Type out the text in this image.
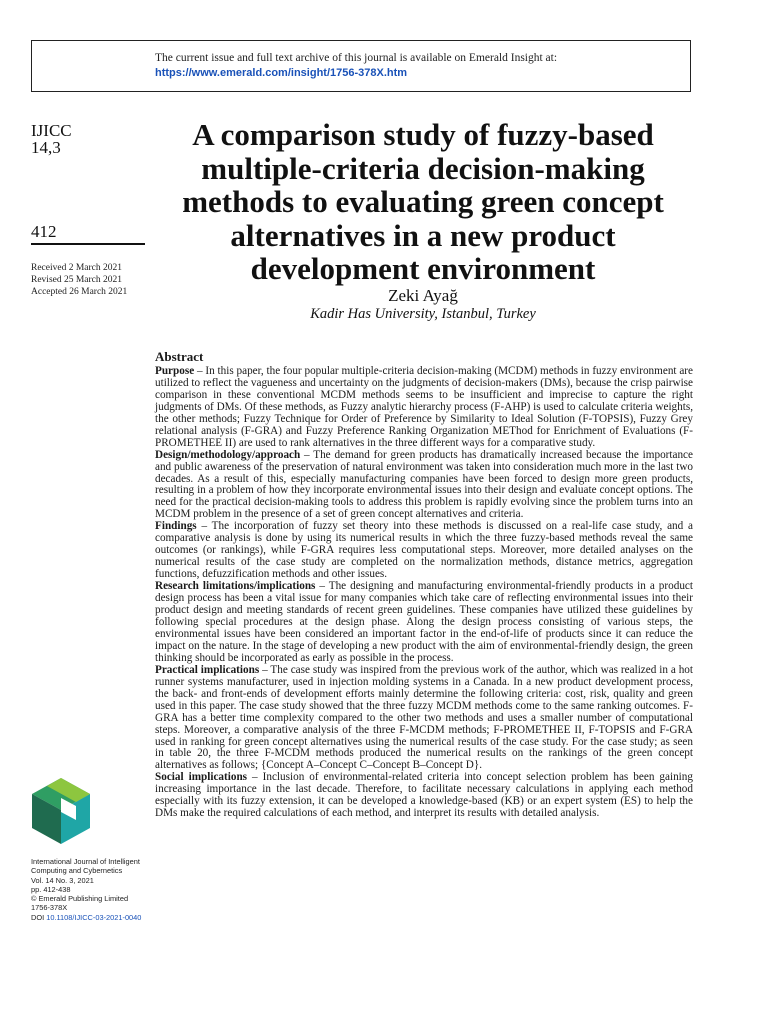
The current issue and full text archive of this journal is available on Emerald Insight at:
https://www.emerald.com/insight/1756-378X.htm
IJICC
14,3
412
Received 2 March 2021
Revised 25 March 2021
Accepted 26 March 2021
A comparison study of fuzzy-based multiple-criteria decision-making methods to evaluating green concept alternatives in a new product development environment
Zeki Ayağ
Kadir Has University, Istanbul, Turkey
Abstract

Purpose – In this paper, the four popular multiple-criteria decision-making (MCDM) methods in fuzzy environment are utilized to reflect the vagueness and uncertainty on the judgments of decision-makers (DMs), because the crisp pairwise comparison in these conventional MCDM methods seems to be insufficient and imprecise to capture the right judgments of DMs. Of these methods, as Fuzzy analytic hierarchy process (F-AHP) is used to calculate criteria weights, the other methods; Fuzzy Technique for Order of Preference by Similarity to Ideal Solution (F-TOPSIS), Fuzzy Grey relational analysis (F-GRA) and Fuzzy Preference Ranking Organization METhod for Enrichment of Evaluations (F- PROMETHEE II) are used to rank alternatives in the three different ways for a comparative study.

Design/methodology/approach – The demand for green products has dramatically increased because the importance and public awareness of the preservation of natural environment was taken into consideration much more in the last two decades. As a result of this, especially manufacturing companies have been forced to design more green products, resulting in a problem of how they incorporate environmental issues into their design and evaluate concept options. The need for the practical decision-making tools to address this problem is rapidly evolving since the problem turns into an MCDM problem in the presence of a set of green concept alternatives and criteria.

Findings – The incorporation of fuzzy set theory into these methods is discussed on a real-life case study, and a comparative analysis is done by using its numerical results in which the three fuzzy-based methods reveal the same outcomes (or rankings), while F-GRA requires less computational steps. Moreover, more detailed analyses on the numerical results of the case study are completed on the normalization methods, distance metrics, aggregation functions, defuzzification methods and other issues.

Research limitations/implications – The designing and manufacturing environmental-friendly products in a product design process has been a vital issue for many companies which take care of reflecting environmental issues into their product design and meeting standards of recent green guidelines. These companies have utilized these guidelines by following special procedures at the design phase. Along the design process consisting of various steps, the environmental issues have been considered an important factor in the end-of-life of products since it can reduce the impact on the nature. In the stage of developing a new product with the aim of environmental-friendly design, the green thinking should be incorporated as early as possible in the process.

Practical implications – The case study was inspired from the previous work of the author, which was realized in a hot runner systems manufacturer, used in injection molding systems in a Canada. In a new product development process, the back- and front-ends of development efforts mainly determine the following criteria: cost, risk, quality and green used in this paper. The case study showed that the three fuzzy MCDM methods come to the same ranking outcomes. F-GRA has a better time complexity compared to the other two methods and uses a smaller number of computational steps. Moreover, a comparative analysis of the three F-MCDM methods; F-PROMETHEE II, F-TOPSIS and F-GRA used in ranking for green concept alternatives using the numerical results of the case study. For the case study; as seen in table 20, the three F-MCDM methods produced the numerical results on the rankings of the green concept alternatives as follows; {Concept A–Concept C–Concept B–Concept D}.

Social implications – Inclusion of environmental-related criteria into concept selection problem has been gaining increasing importance in the last decade. Therefore, to facilitate necessary calculations in applying each method especially with its fuzzy extension, it can be developed a knowledge-based (KB) or an expert system (ES) to help the DMs make the required calculations of each method, and interpret its results with detailed analysis.

International Journal of Intelligent
Computing and Cybernetics
Vol. 14 No. 3, 2021
pp. 412-438
© Emerald Publishing Limited
1756-378X
DOI 10.1108/IJICC-03-2021-0040
